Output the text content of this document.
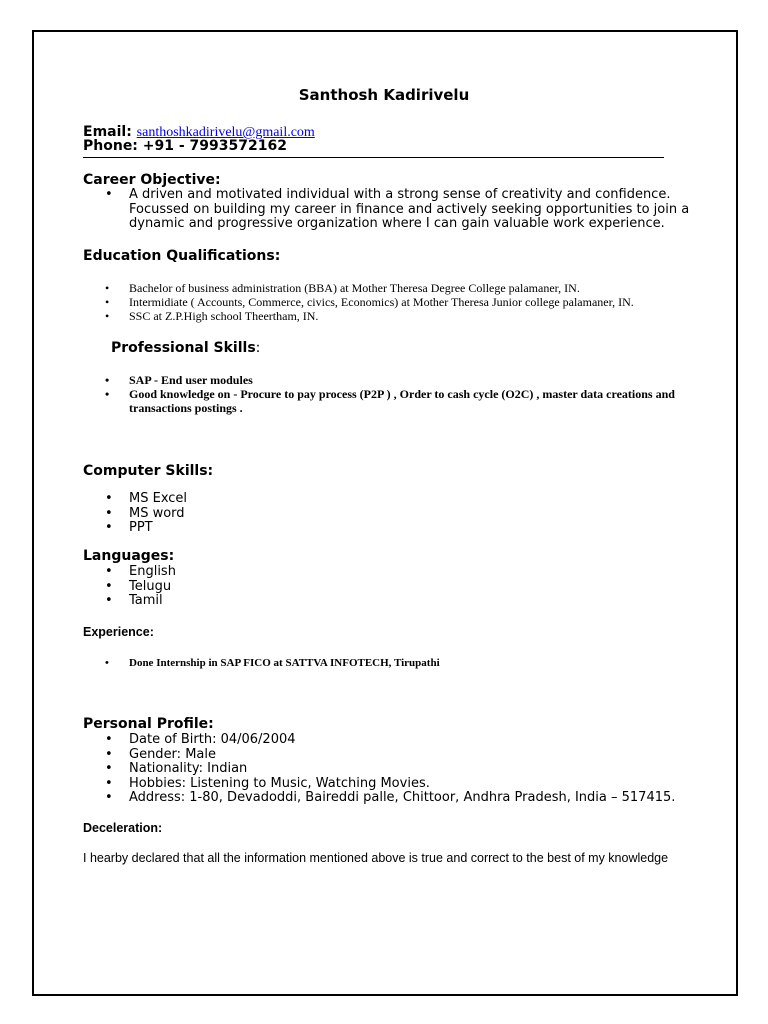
Santhosh Kadirivelu
Email: santhoshkadirivelu@gmail.com
Phone: +91 - 7993572162
Career Objective:
• A driven and motivated individual with a strong sense of creativity and confidence. Focussed on building my career in finance and actively seeking opportunities to join a dynamic and progressive organization where I can gain valuable work experience.
Education Qualifications:
• Bachelor of business administration (BBA) at Mother Theresa Degree College palamaner, IN.
• Intermidiate ( Accounts, Commerce, civics, Economics) at Mother Theresa Junior college palamaner, IN.
• SSC at Z.P.High school Theertham, IN.
Professional Skills:
• SAP - End user modules
• Good knowledge on - Procure to pay process (P2P ) , Order to cash cycle (O2C) , master data creations and transactions postings .
Computer Skills:
• MS Excel
• MS word
• PPT
Languages:
• English
• Telugu
• Tamil
Experience:
• Done Internship in SAP FICO at SATTVA INFOTECH, Tirupathi
Personal Profile:
• Date of Birth: 04/06/2004
• Gender: Male
• Nationality: Indian
• Hobbies: Listening to Music, Watching Movies.
• Address: 1-80, Devadoddi, Baireddi palle, Chittoor, Andhra Pradesh, India – 517415.
Deceleration:
I hearby declared that all the information mentioned above is true and correct to the best of my knowledge
